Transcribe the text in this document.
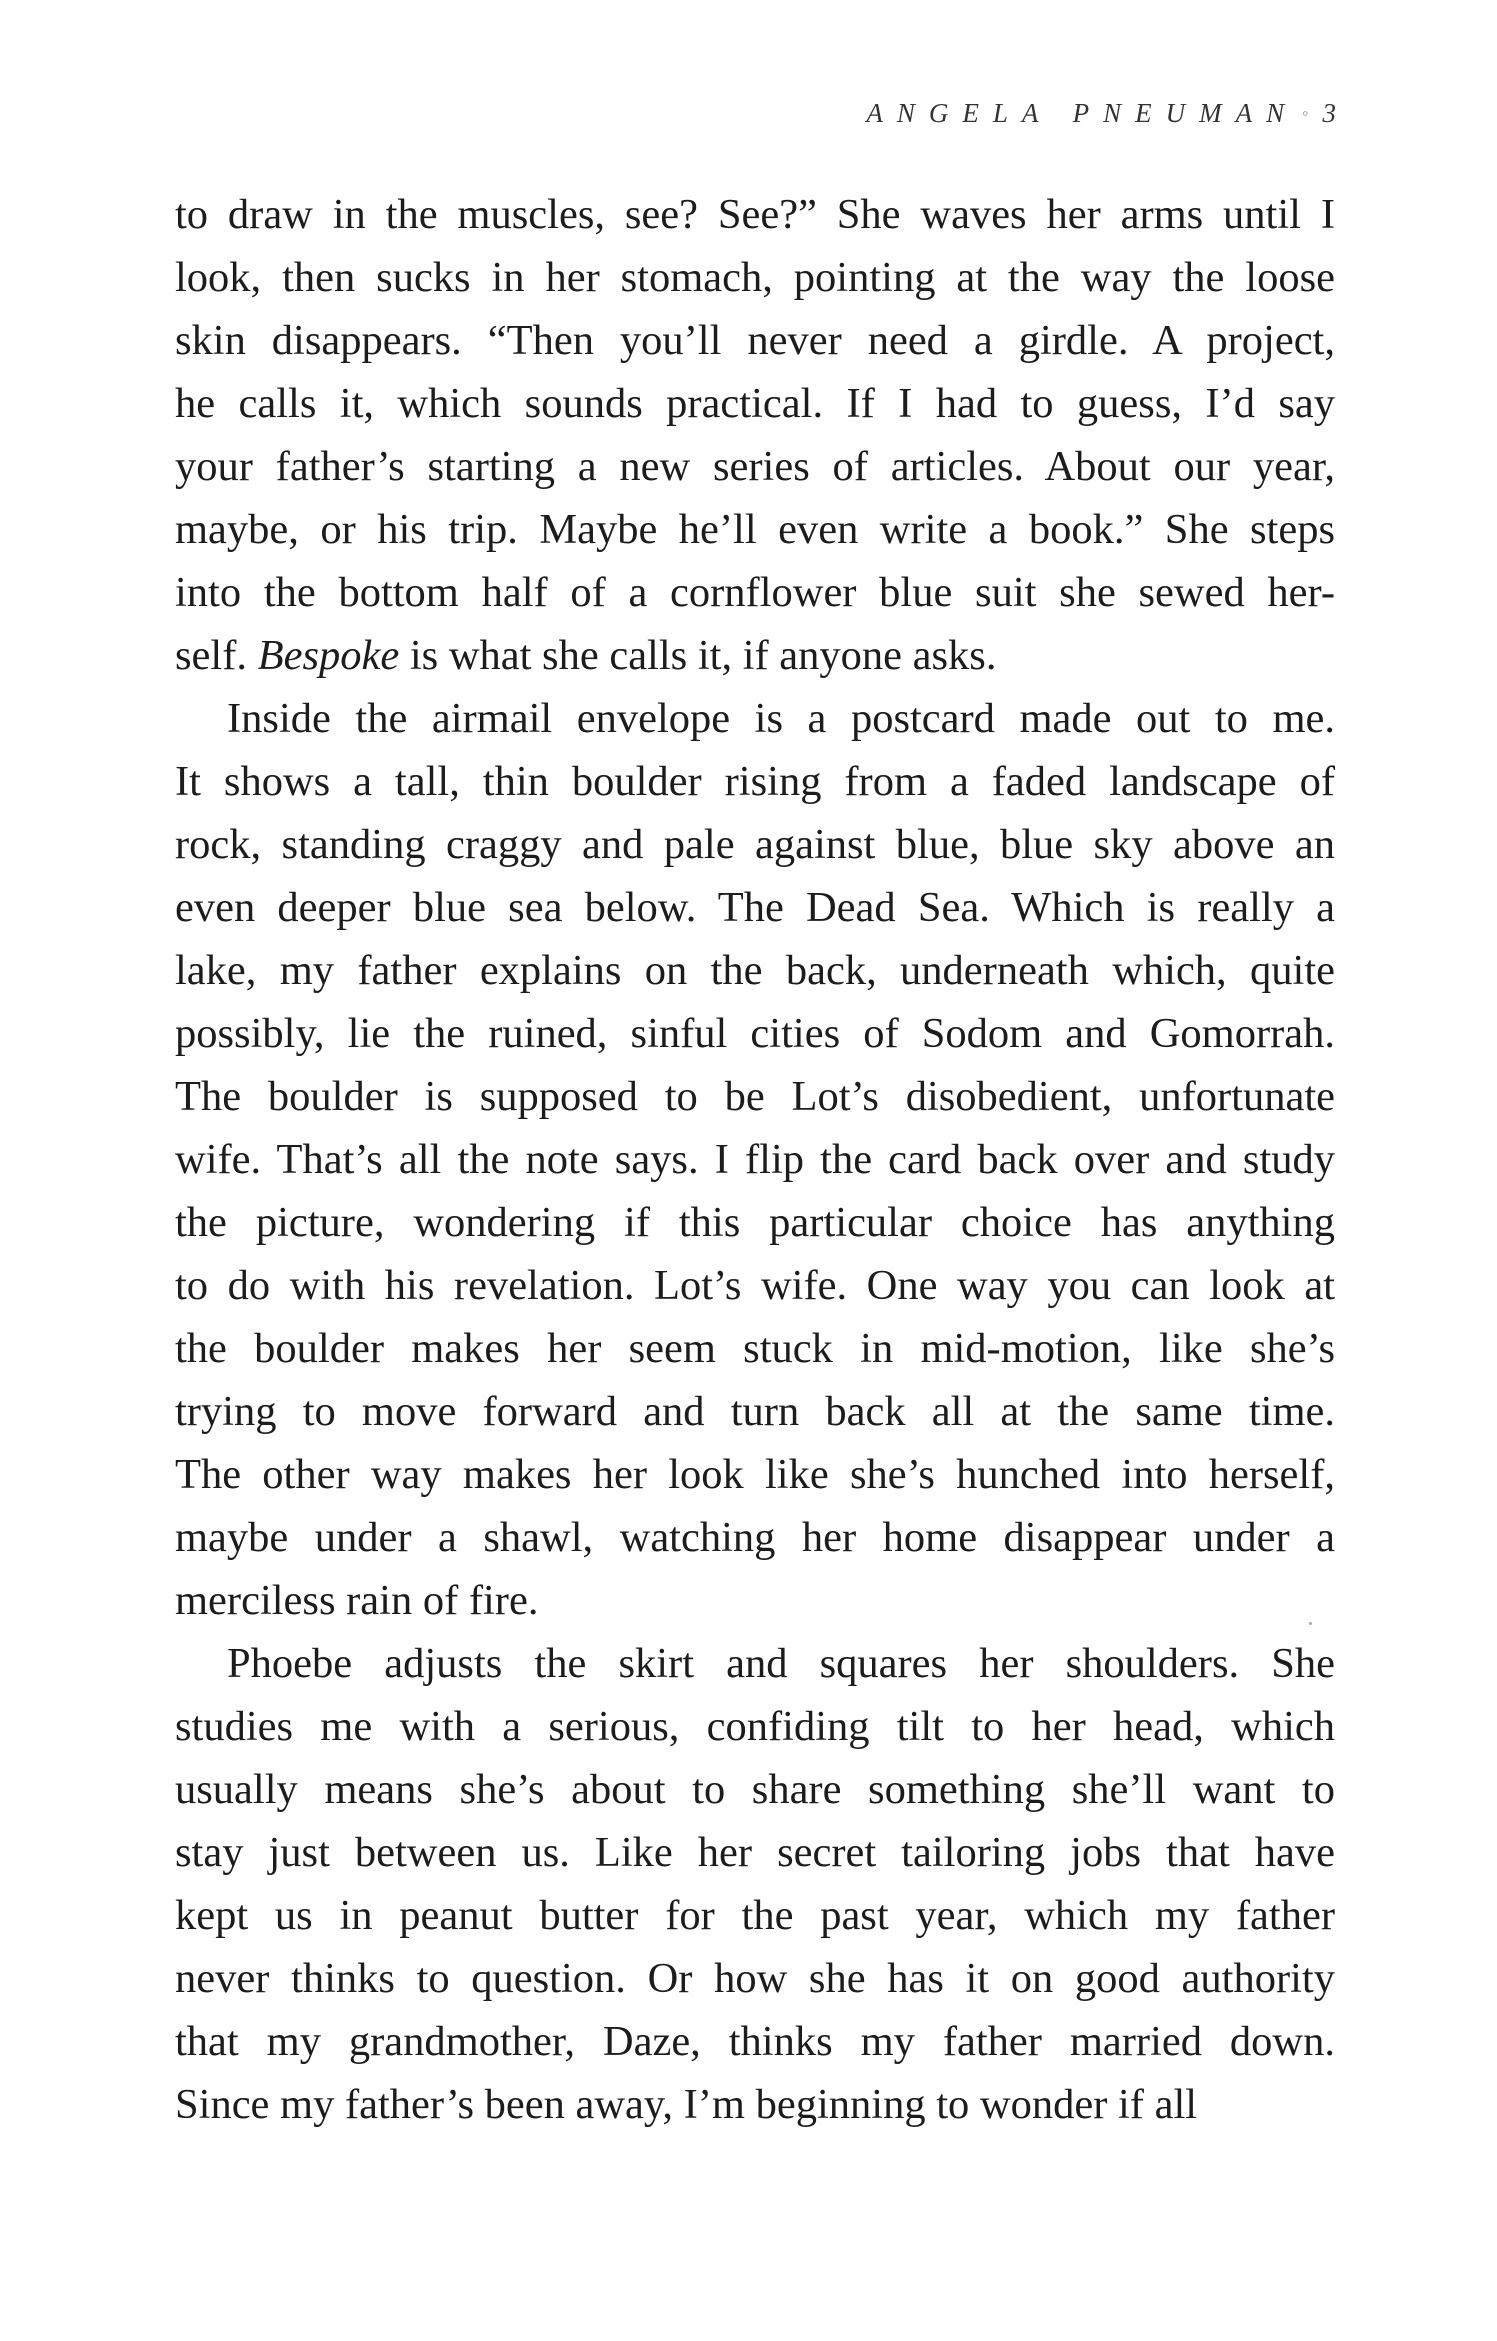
ANGELA PNEUMAN ◦ 3
to draw in the muscles, see? See?” She waves her arms until I
look, then sucks in her stomach, pointing at the way the loose
skin disappears. “Then you’ll never need a girdle. A project,
he calls it, which sounds practical. If I had to guess, I’d say
your father’s starting a new series of articles. About our year,
maybe, or his trip. Maybe he’ll even write a book.” She steps
into the bottom half of a cornflower blue suit she sewed her-
self. Bespoke is what she calls it, if anyone asks.
Inside the airmail envelope is a postcard made out to me.
It shows a tall, thin boulder rising from a faded landscape of
rock, standing craggy and pale against blue, blue sky above an
even deeper blue sea below. The Dead Sea. Which is really a
lake, my father explains on the back, underneath which, quite
possibly, lie the ruined, sinful cities of Sodom and Gomorrah.
The boulder is supposed to be Lot’s disobedient, unfortunate
wife. That’s all the note says. I flip the card back over and study
the picture, wondering if this particular choice has anything
to do with his revelation. Lot’s wife. One way you can look at
the boulder makes her seem stuck in mid-motion, like she’s
trying to move forward and turn back all at the same time.
The other way makes her look like she’s hunched into herself,
maybe under a shawl, watching her home disappear under a
merciless rain of fire.
Phoebe adjusts the skirt and squares her shoulders. She
studies me with a serious, confiding tilt to her head, which
usually means she’s about to share something she’ll want to
stay just between us. Like her secret tailoring jobs that have
kept us in peanut butter for the past year, which my father
never thinks to question. Or how she has it on good authority
that my grandmother, Daze, thinks my father married down.
Since my father’s been away, I’m beginning to wonder if all
